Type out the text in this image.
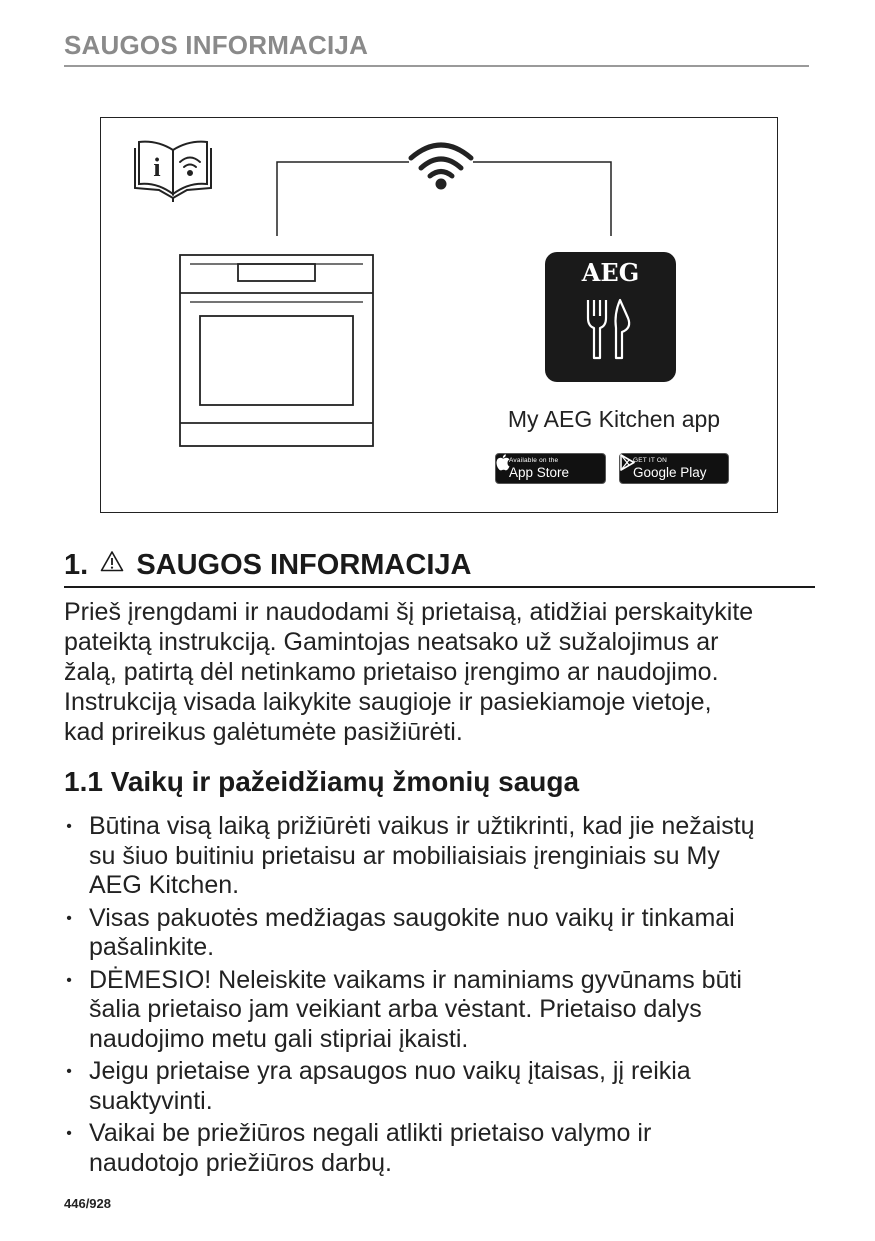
SAUGOS INFORMACIJA
i
My AEG Kitchen app
AEG
Available on the
App Store
GET IT ON
Google Play
1. SAUGOS INFORMACIJA
Prieš įrengdami ir naudodami šį prietaisą, atidžiai perskaitykite
pateiktą instrukciją. Gamintojas neatsako už sužalojimus ar
žalą, patirtą dėl netinkamo prietaiso įrengimo ar naudojimo.
Instrukciją visada laikykite saugioje ir pasiekiamoje vietoje,
kad prireikus galėtumėte pasižiūrėti.
1.1 Vaikų ir pažeidžiamų žmonių sauga
• Būtina visą laiką prižiūrėti vaikus ir užtikrinti, kad jie nežaistų
su šiuo buitiniu prietaisu ar mobiliaisiais įrenginiais su My
AEG Kitchen.
• Visas pakuotės medžiagas saugokite nuo vaikų ir tinkamai
pašalinkite.
• DĖMESIO! Neleiskite vaikams ir naminiams gyvūnams būti
šalia prietaiso jam veikiant arba vėstant. Prietaiso dalys
naudojimo metu gali stipriai įkaisti.
• Jeigu prietaise yra apsaugos nuo vaikų įtaisas, jį reikia
suaktyvinti.
• Vaikai be priežiūros negali atlikti prietaiso valymo ir
naudotojo priežiūros darbų.
446/928
